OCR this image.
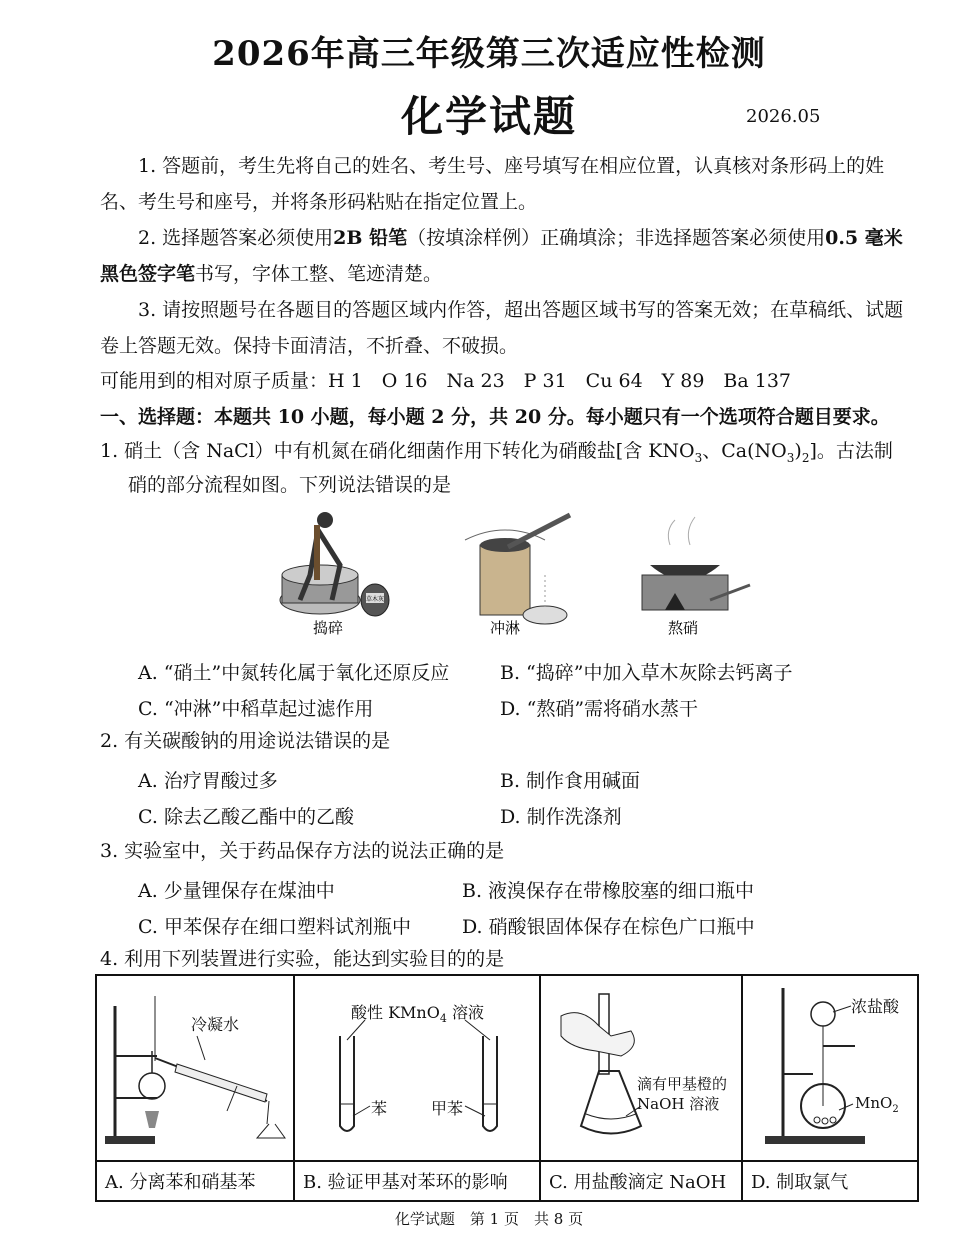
2026年高三年级第三次适应性检测
化学试题	2026.05
1. 答题前，考生先将自己的姓名、考生号、座号填写在相应位置，认真核对条形码上的姓名、考生号和座号，并将条形码粘贴在指定位置上。
2. 选择题答案必须使用2B 铅笔（按填涂样例）正确填涂；非选择题答案必须使用0.5 毫米黑色签字笔书写，字体工整、笔迹清楚。
3. 请按照题号在各题目的答题区域内作答，超出答题区域书写的答案无效；在草稿纸、试题卷上答题无效。保持卡面清洁，不折叠、不破损。
可能用到的相对原子质量：H 1　O 16　Na 23　P 31　Cu 64　Y 89　Ba 137
一、选择题：本题共 10 小题，每小题 2 分，共 20 分。每小题只有一个选项符合题目要求。
1. 硝土（含 NaCl）中有机氮在硝化细菌作用下转化为硝酸盐[含 $KNO_3$、$Ca(NO_3)_2$]。古法制
硝的部分流程如图。下列说法错误的是
草木灰
捣碎	冲淋	熬硝
A. “硝土”中氮转化属于氧化还原反应	B. “捣碎”中加入草木灰除去钙离子
C. “冲淋”中稻草起过滤作用	D. “熬硝”需将硝水蒸干
2. 有关碳酸钠的用途说法错误的是
A. 治疗胃酸过多	B. 制作食用碱面
C. 除去乙酸乙酯中的乙酸	D. 制作洗涤剂
3. 实验室中，关于药品保存方法的说法正确的是
A. 少量锂保存在煤油中	B. 液溴保存在带橡胶塞的细口瓶中
C. 甲苯保存在细口塑料试剂瓶中	D. 硝酸银固体保存在棕色广口瓶中
4. 利用下列装置进行实验，能达到实验目的的是
冷凝水	酸性 KMnO$_4$ 溶液
苯 甲苯	滴有甲基橙的
NaOH 溶液	浓盐酸
MnO$_2$

A. 分离苯和硝基苯	B. 验证甲基对苯环的影响	C. 用盐酸滴定 NaOH	D. 制取氯气
化学试题　第 1 页　共 8 页
